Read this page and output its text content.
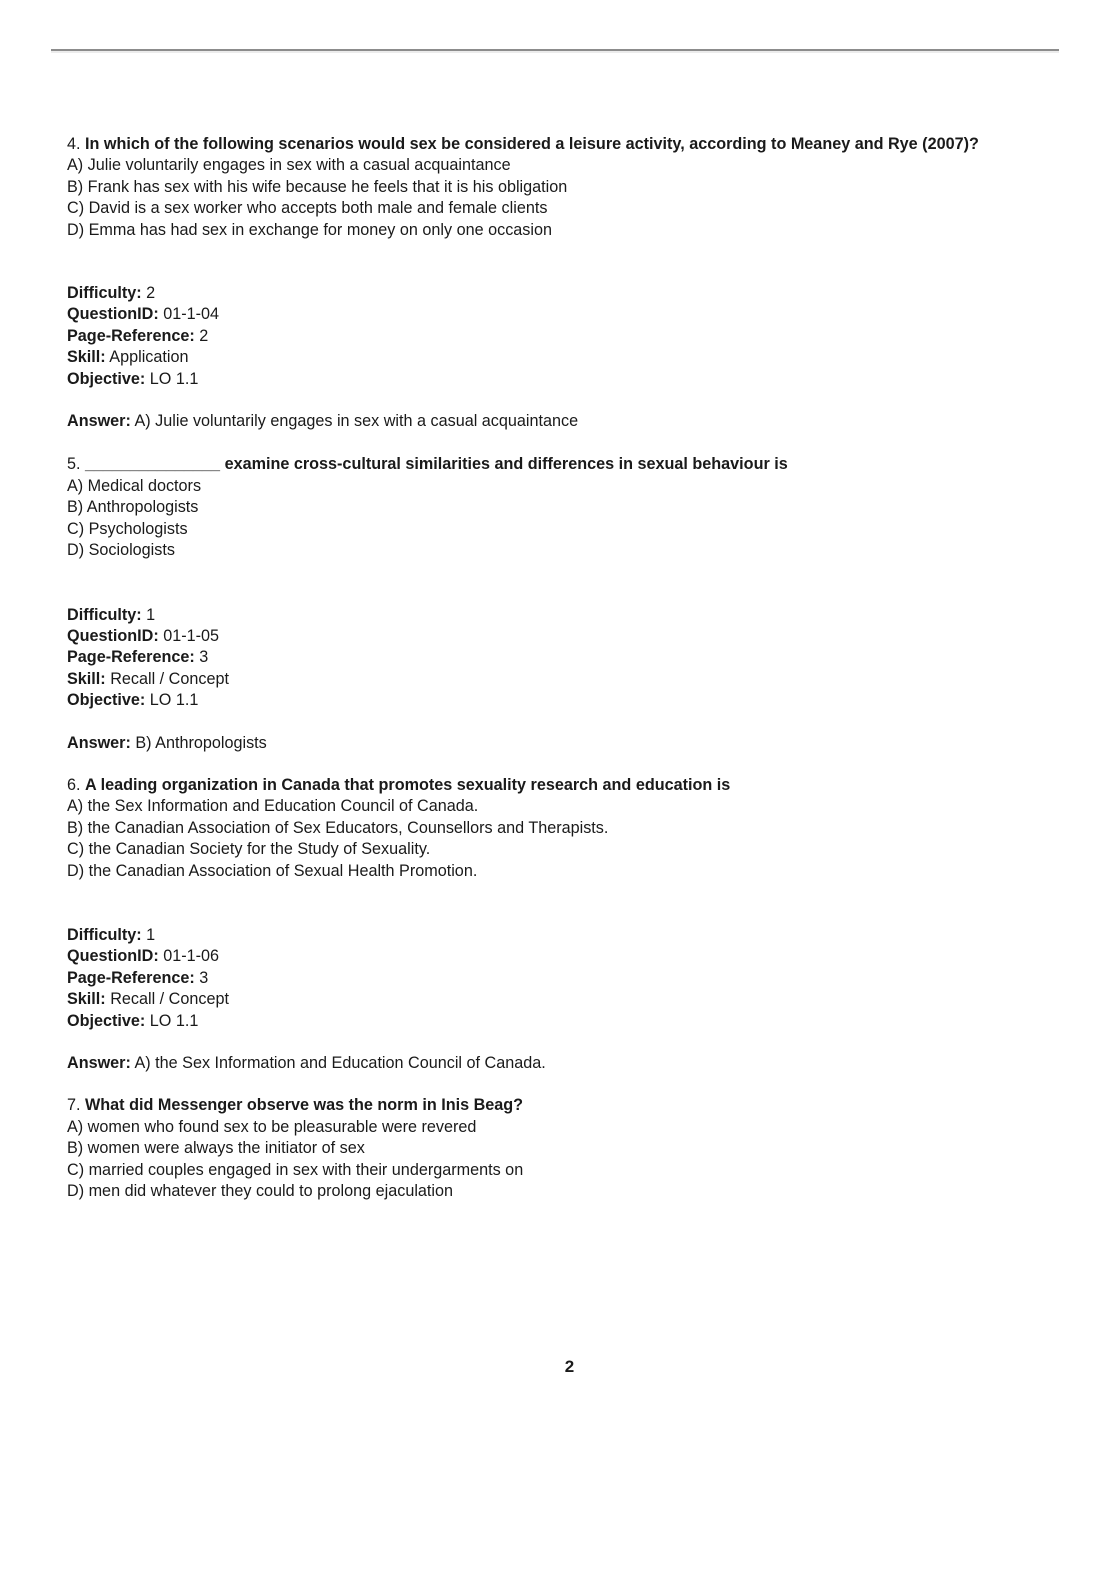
4. In which of the following scenarios would sex be considered a leisure activity, according to Meaney and Rye (2007)?

A) Julie voluntarily engages in sex with a casual acquaintance

B) Frank has sex with his wife because he feels that it is his obligation

C) David is a sex worker who accepts both male and female clients

D) Emma has had sex in exchange for money on only one occasion

Difficulty: 2

QuestionID: 01-1-04

Page-Reference: 2

Skill: Application

Objective: LO 1.1

Answer: A) Julie voluntarily engages in sex with a casual acquaintance

5. _______________ examine cross-cultural similarities and differences in sexual behaviour is

A) Medical doctors

B) Anthropologists

C) Psychologists

D) Sociologists

Difficulty: 1

QuestionID: 01-1-05

Page-Reference: 3

Skill: Recall / Concept

Objective: LO 1.1

Answer: B) Anthropologists

6. A leading organization in Canada that promotes sexuality research and education is

A) the Sex Information and Education Council of Canada.

B) the Canadian Association of Sex Educators, Counsellors and Therapists.

C) the Canadian Society for the Study of Sexuality.

D) the Canadian Association of Sexual Health Promotion.

Difficulty: 1

QuestionID: 01-1-06

Page-Reference: 3

Skill: Recall / Concept

Objective: LO 1.1

Answer: A) the Sex Information and Education Council of Canada.

7. What did Messenger observe was the norm in Inis Beag?

A) women who found sex to be pleasurable were revered

B) women were always the initiator of sex

C) married couples engaged in sex with their undergarments on

D) men did whatever they could to prolong ejaculation

2
